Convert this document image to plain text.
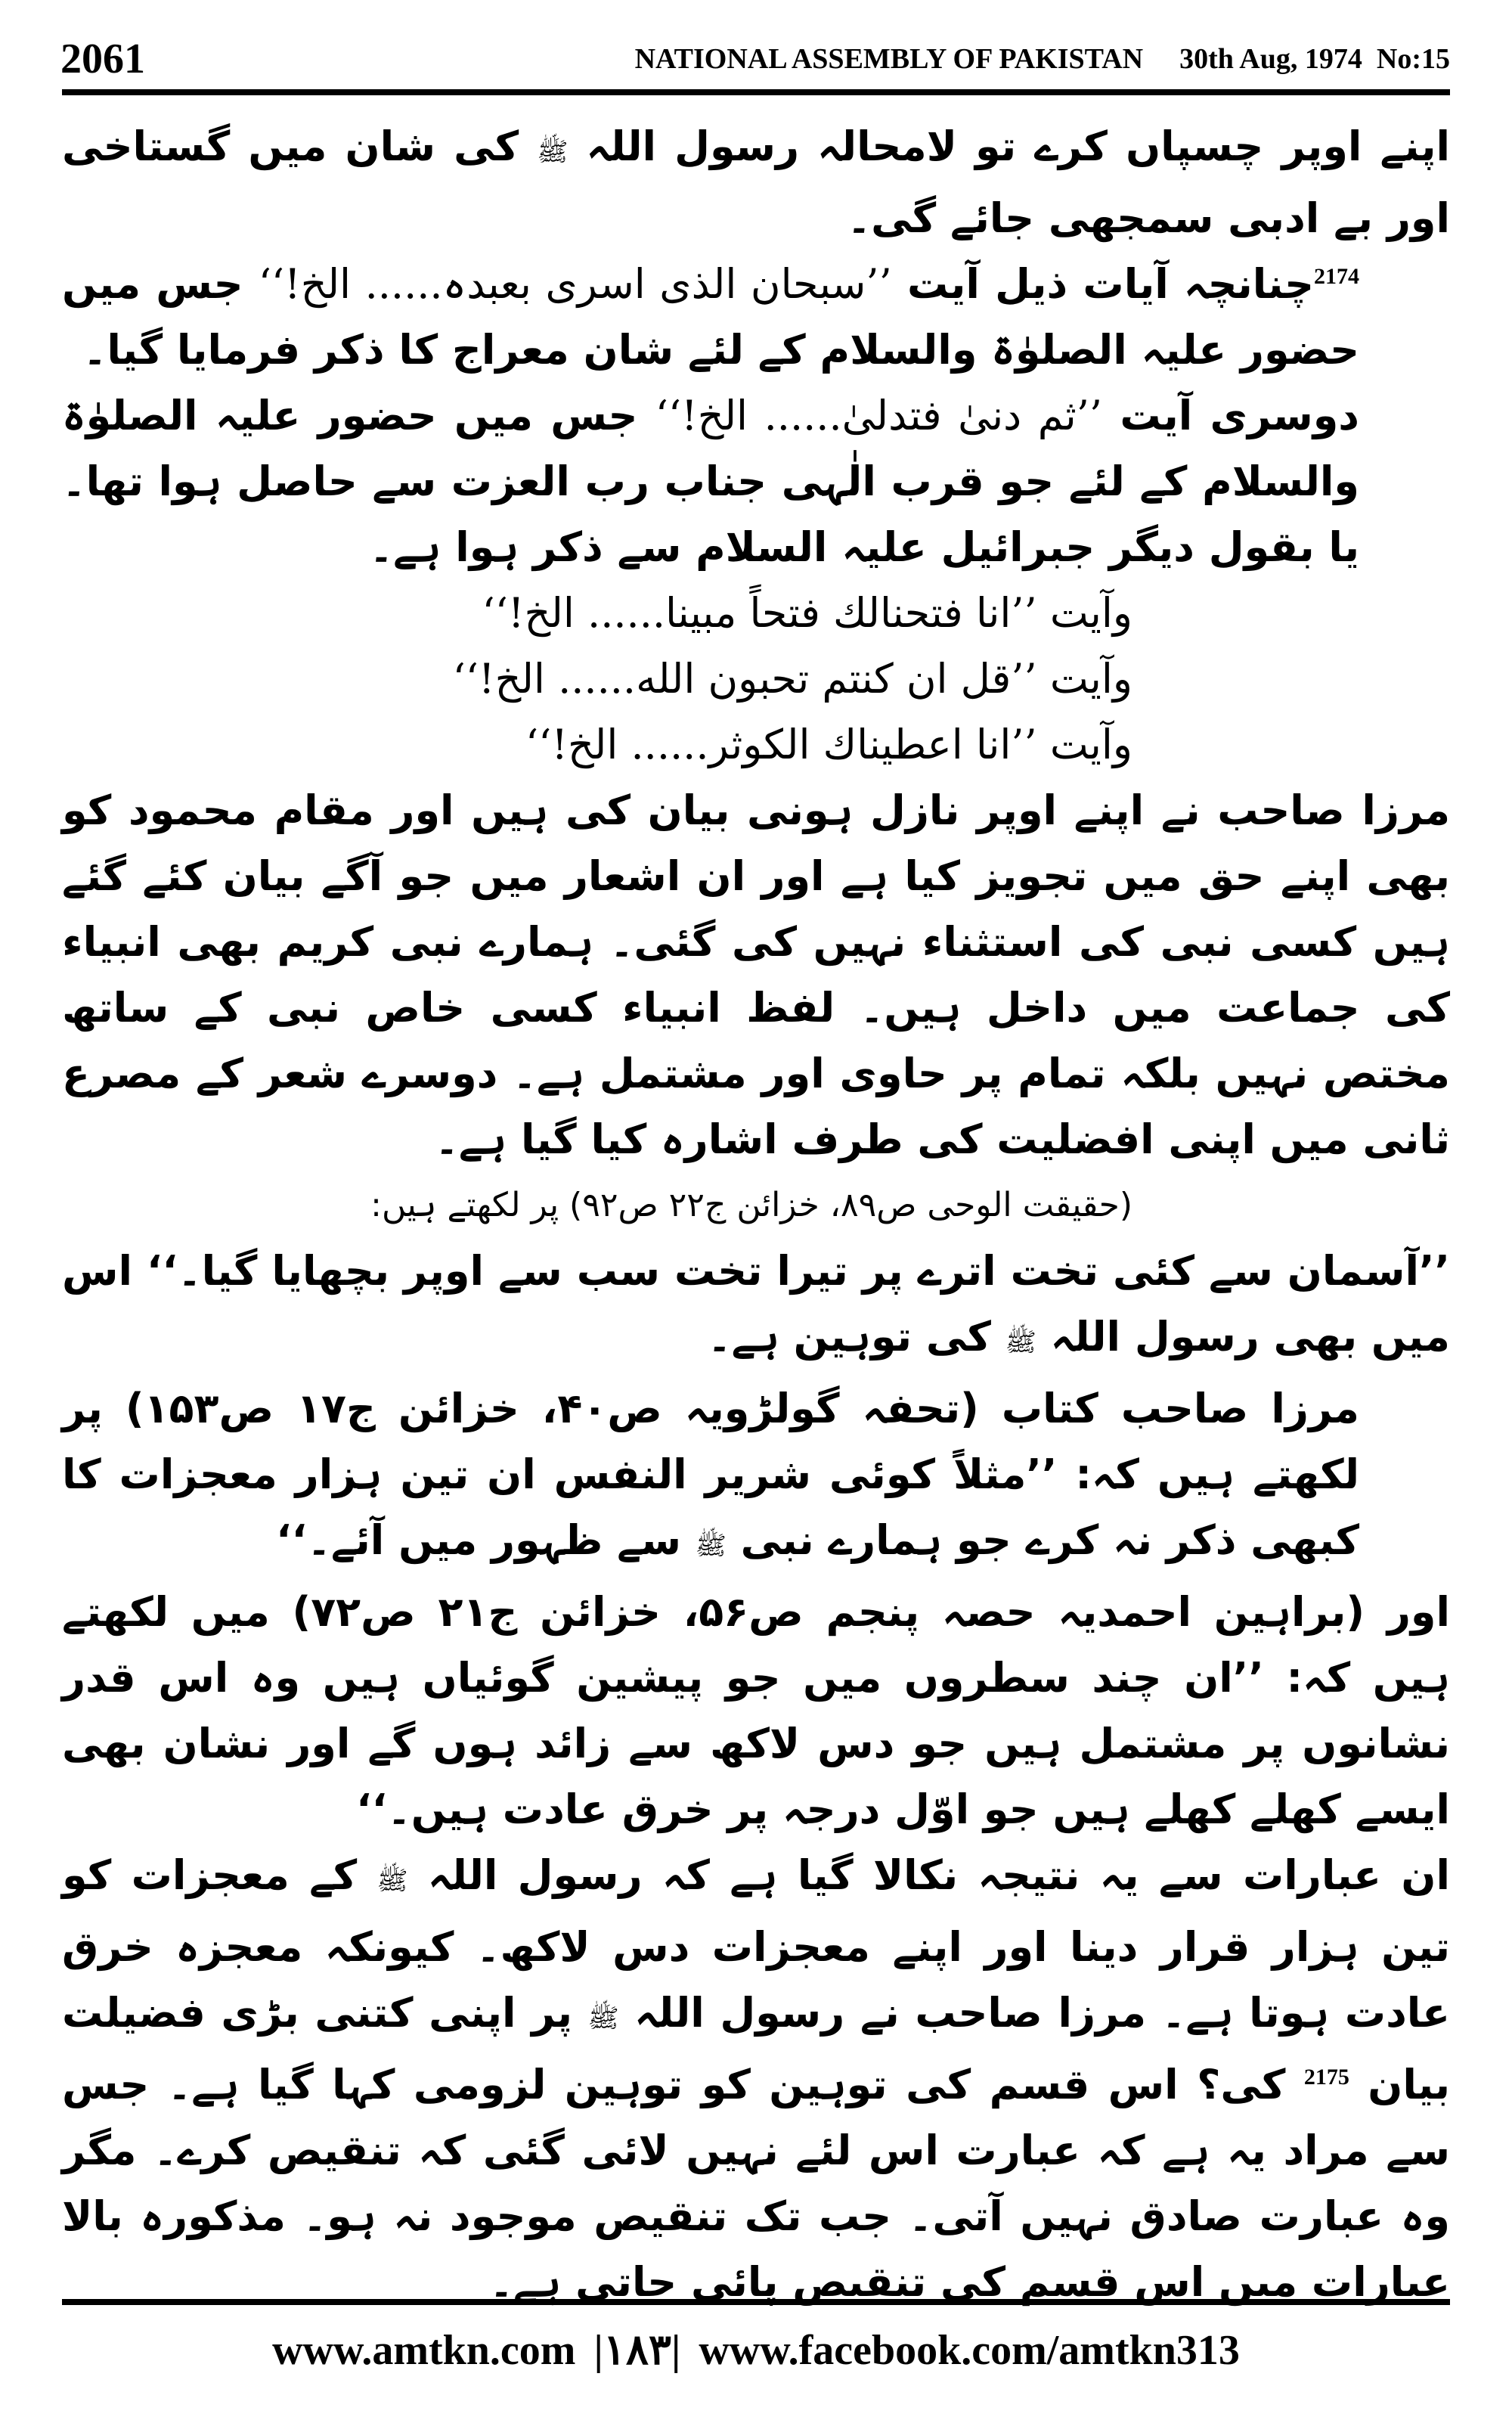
2061	NATIONAL ASSEMBLY OF PAKISTAN 30th Aug, 1974 No:15

اپنے اوپر چسپاں کرے تو لامحالہ رسول اللہ ﷺ کی شان میں گستاخی اور بے ادبی سمجھی جائے گی۔

$^{2174}$چنانچہ آیات ذیل آیت ’’سبحان الذی اسری بعبدہ...... الخ!‘‘ جس میں حضور علیہ الصلوٰۃ والسلام کے لئے شان معراج کا ذکر فرمایا گیا۔

دوسری آیت ’’ثم دنیٰ فتدلیٰ...... الخ!‘‘ جس میں حضور علیہ الصلوٰۃ والسلام کے لئے جو قرب الٰہی جناب رب العزت سے حاصل ہوا تھا۔ یا بقول دیگر جبرائیل علیہ السلام سے ذکر ہوا ہے۔

وآیت ’’انا فتحنالك فتحاً مبینا...... الخ!‘‘

وآیت ’’قل ان کنتم تحبون الله...... الخ!‘‘

وآیت ’’انا اعطیناك الکوثر...... الخ!‘‘

مرزا صاحب نے اپنے اوپر نازل ہونی بیان کی ہیں اور مقام محمود کو بھی اپنے حق میں تجویز کیا ہے اور ان اشعار میں جو آگے بیان کئے گئے ہیں کسی نبی کی استثناء نہیں کی گئی۔ ہمارے نبی کریم بھی انبیاء کی جماعت میں داخل ہیں۔ لفظ انبیاء کسی خاص نبی کے ساتھ مختص نہیں بلکہ تمام پر حاوی اور مشتمل ہے۔ دوسرے شعر کے مصرع ثانی میں اپنی افضلیت کی طرف اشارہ کیا گیا ہے۔

(حقیقت الوحی ص۸۹، خزائن ج۲۲ ص۹۲) پر لکھتے ہیں:

’’آسمان سے کئی تخت اترے پر تیرا تخت سب سے اوپر بچھایا گیا۔‘‘ اس میں بھی رسول اللہ ﷺ کی توہین ہے۔

مرزا صاحب کتاب (تحفہ گولڑویہ ص۴۰، خزائن ج۱۷ ص۱۵۳) پر لکھتے ہیں کہ: ’’مثلاً کوئی شریر النفس ان تین ہزار معجزات کا کبھی ذکر نہ کرے جو ہمارے نبی ﷺ سے ظہور میں آئے۔‘‘

اور (براہین احمدیہ حصہ پنجم ص۵۶، خزائن ج۲۱ ص۷۲) میں لکھتے ہیں کہ: ’’ان چند سطروں میں جو پیشین گوئیاں ہیں وہ اس قدر نشانوں پر مشتمل ہیں جو دس لاکھ سے زائد ہوں گے اور نشان بھی ایسے کھلے کھلے ہیں جو اوّل درجہ پر خرق عادت ہیں۔‘‘

ان عبارات سے یہ نتیجہ نکالا گیا ہے کہ رسول اللہ ﷺ کے معجزات کو تین ہزار قرار دینا اور اپنے معجزات دس لاکھ۔ کیونکہ معجزہ خرق عادت ہوتا ہے۔ مرزا صاحب نے رسول اللہ ﷺ پر اپنی کتنی بڑی فضیلت بیان $^{2175}$ کی؟ اس قسم کی توہین کو توہین لزومی کہا گیا ہے۔ جس سے مراد یہ ہے کہ عبارت اس لئے نہیں لائی گئی کہ تنقیص کرے۔ مگر وہ عبارت صادق نہیں آتی۔ جب تک تنقیص موجود نہ ہو۔ مذکورہ بالا عبارات میں اس قسم کی تنقیص پائی جاتی ہے۔

www.amtkn.com |۱۸۳| www.facebook.com/amtkn313
